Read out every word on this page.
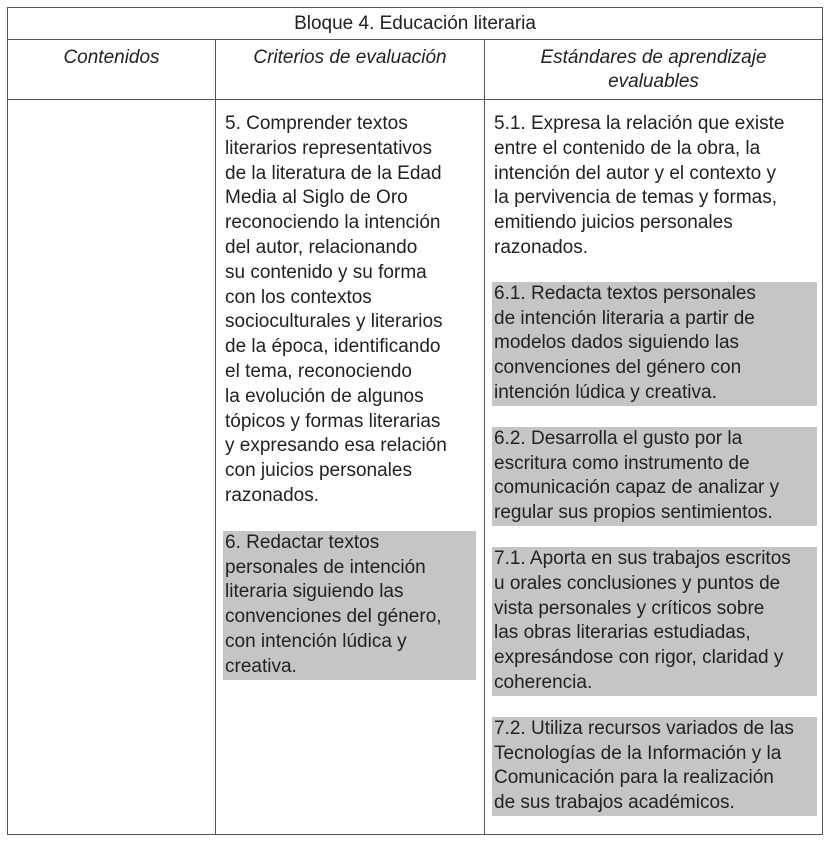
Bloque 4. Educación literaria
Contenidos	Criterios de evaluación	Estándares de aprendizaje
evaluables
5. Comprender textos
literarios representativos
de la literatura de la Edad
Media al Siglo de Oro
reconociendo la intención
del autor, relacionando
su contenido y su forma
con los contextos
socioculturales y literarios
de la época, identificando
el tema, reconociendo
la evolución de algunos
tópicos y formas literarias
y expresando esa relación
con juicios personales
razonados.
6. Redactar textos
personales de intención
literaria siguiendo las
convenciones del género,
con intención lúdica y
creativa.
5.1. Expresa la relación que existe
entre el contenido de la obra, la
intención del autor y el contexto y
la pervivencia de temas y formas,
emitiendo juicios personales
razonados.
6.1. Redacta textos personales
de intención literaria a partir de
modelos dados siguiendo las
convenciones del género con
intención lúdica y creativa.
6.2. Desarrolla el gusto por la
escritura como instrumento de
comunicación capaz de analizar y
regular sus propios sentimientos.
7.1. Aporta en sus trabajos escritos
u orales conclusiones y puntos de
vista personales y críticos sobre
las obras literarias estudiadas,
expresándose con rigor, claridad y
coherencia.
7.2. Utiliza recursos variados de las
Tecnologías de la Información y la
Comunicación para la realización
de sus trabajos académicos.
